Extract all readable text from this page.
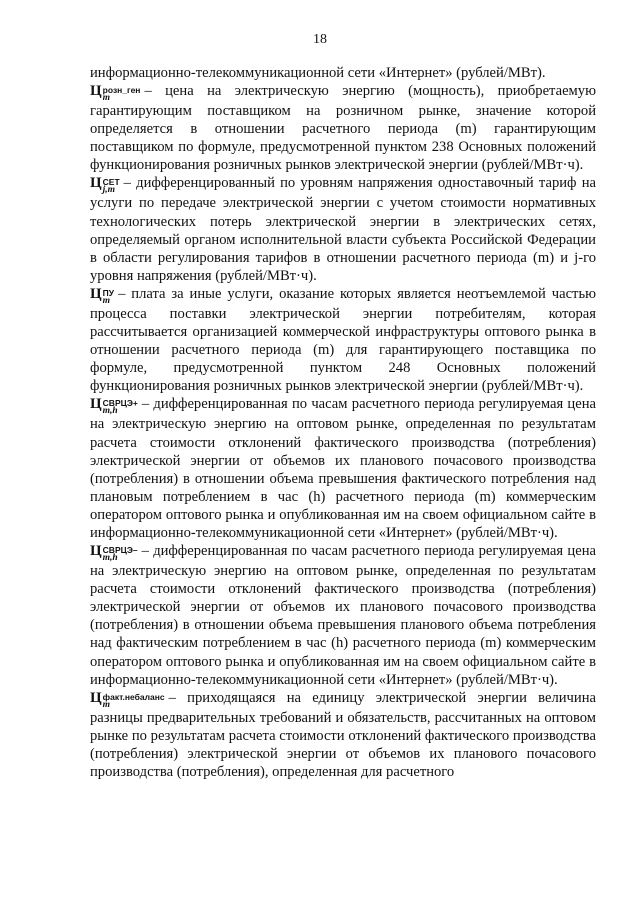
18

информационно-телекоммуникационной сети «Интернет» (рублей/МВт).

Ц розн_ген
m	– цена на электрическую энергию (мощность), приобретаемую гарантирующим поставщиком на розничном рынке, значение которой определяется в отношении расчетного периода (m) гарантирующим поставщиком по формуле, предусмотренной пунктом 238 Основных положений функционирования розничных рынков электрической энергии (рублей/МВт·ч).

Ц СЕТ
j,m – дифференцированный по уровням напряжения одноставочный тариф на услуги по передаче электрической энергии с учетом стоимости нормативных технологических потерь электрической энергии в электрических сетях, определяемый органом исполнительной власти субъекта Российской Федерации в области регулирования тарифов в отношении расчетного периода (m) и j-го уровня напряжения (рублей/МВт·ч).

Ц ПУ
m – плата за иные услуги, оказание которых является неотъемлемой частью процесса поставки электрической энергии потребителям, которая рассчитывается организацией коммерческой инфраструктуры оптового рынка в отношении расчетного периода (m) для гарантирующего поставщика по формуле, предусмотренной пунктом 248 Основных положений функционирования розничных рынков электрической энергии (рублей/МВт·ч).

Ц СВРЦЭ+
m,h	– дифференцированная по часам расчетного периода регулируемая цена на электрическую энергию на оптовом рынке, определенная по результатам расчета стоимости отклонений фактического производства (потребления) электрической энергии от объемов их планового почасового производства (потребления) в отношении объема превышения фактического потребления над плановым потреблением в час (h) расчетного периода (m) коммерческим оператором оптового рынка и опубликованная им на своем официальном сайте в информационно-телекоммуникационной сети «Интернет» (рублей/МВт·ч).

Ц СВРЦЭ–
m,h	– дифференцированная по часам расчетного периода регулируемая цена на электрическую энергию на оптовом рынке, определенная по результатам расчета стоимости отклонений фактического производства (потребления) электрической энергии от объемов их планового почасового производства (потребления) в отношении объема превышения планового объема потребления над фактическим потреблением в час (h) расчетного периода (m) коммерческим оператором оптового рынка и опубликованная им на своем официальном сайте в информационно-телекоммуникационной сети «Интернет» (рублей/МВт·ч).

Ц факт.небаланс
m	– приходящаяся на единицу электрической энергии величина разницы предварительных требований и обязательств, рассчитанных на оптовом рынке по результатам расчета стоимости отклонений фактического производства (потребления) электрической энергии от объемов их планового почасового производства (потребления), определенная для расчетного
